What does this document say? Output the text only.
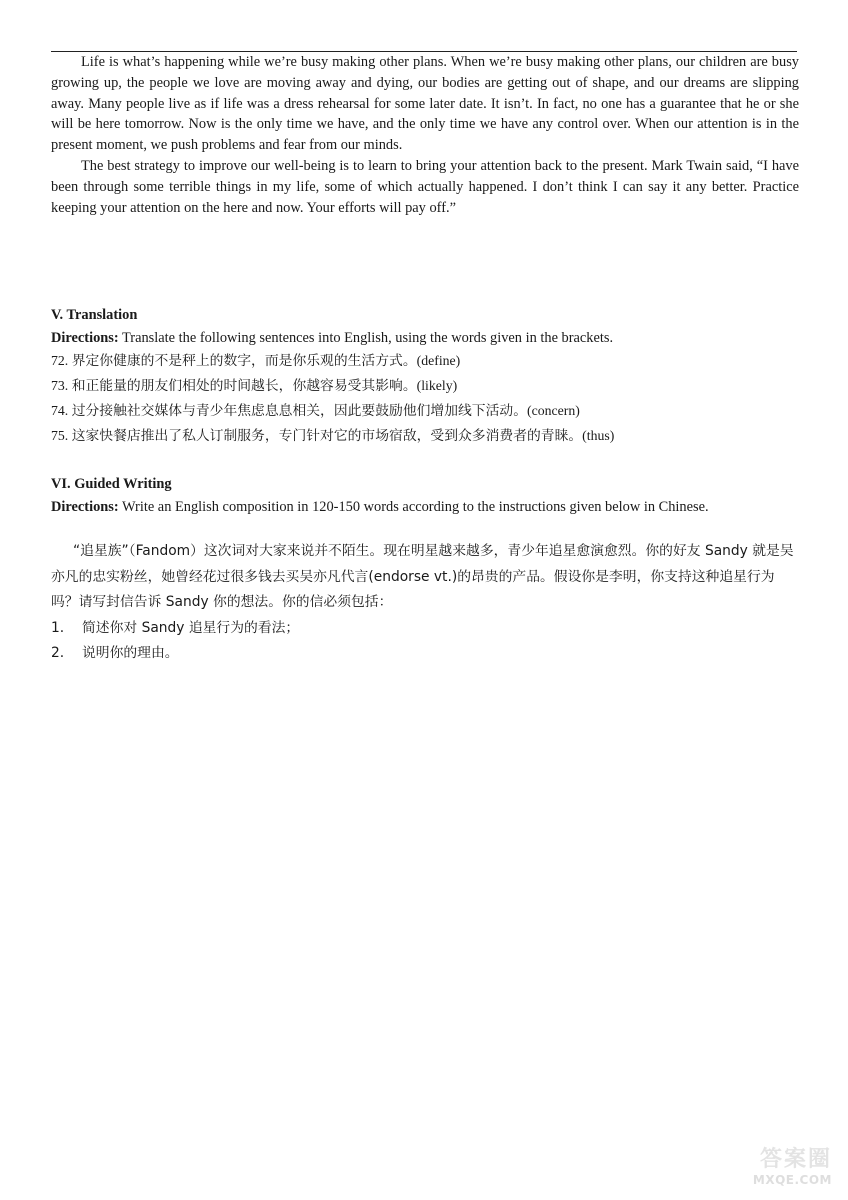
Life is what’s happening while we’re busy making other plans. When we’re busy making other plans, our children are busy growing up, the people we love are moving away and dying, our bodies are getting out of shape, and our dreams are slipping away. Many people live as if life was a dress rehearsal for some later date. It isn’t. In fact, no one has a guarantee that he or she will be here tomorrow. Now is the only time we have, and the only time we have any control over. When our attention is in the present moment, we push problems and fear from our minds.

The best strategy to improve our well-being is to learn to bring your attention back to the present. Mark Twain said, “I have been through some terrible things in my life, some of which actually happened. I don’t think I can say it any better. Practice keeping your attention on the here and now. Your efforts will pay off.”

V. Translation

Directions: Translate the following sentences into English, using the words given in the brackets.

72. 界定你健康的不是秤上的数字，而是你乐观的生活方式。(define)

73. 和正能量的朋友们相处的时间越长，你越容易受其影响。(likely)

74. 过分接触社交媒体与青少年焦虑息息相关，因此要鼓励他们增加线下活动。(concern)

75. 这家快餐店推出了私人订制服务，专门针对它的市场宿敌，受到众多消费者的青睐。(thus)

VI. Guided Writing

Directions: Write an English composition in 120-150 words according to the instructions given below in Chinese.

“追星族”（Fandom）这次词对大家来说并不陌生。现在明星越来越多，青少年追星愈演愈烈。你的好友 Sandy 就是吴亦凡的忠实粉丝，她曾经花过很多钱去买吴亦凡代言(endorse vt.)的昂贵的产品。假设你是李明，你支持这种追星行为吗？请写封信告诉 Sandy 你的想法。你的信必须包括：

1.	简述你对 Sandy 追星行为的看法；

2.	说明你的理由。

答案圈
MXQE.COM
